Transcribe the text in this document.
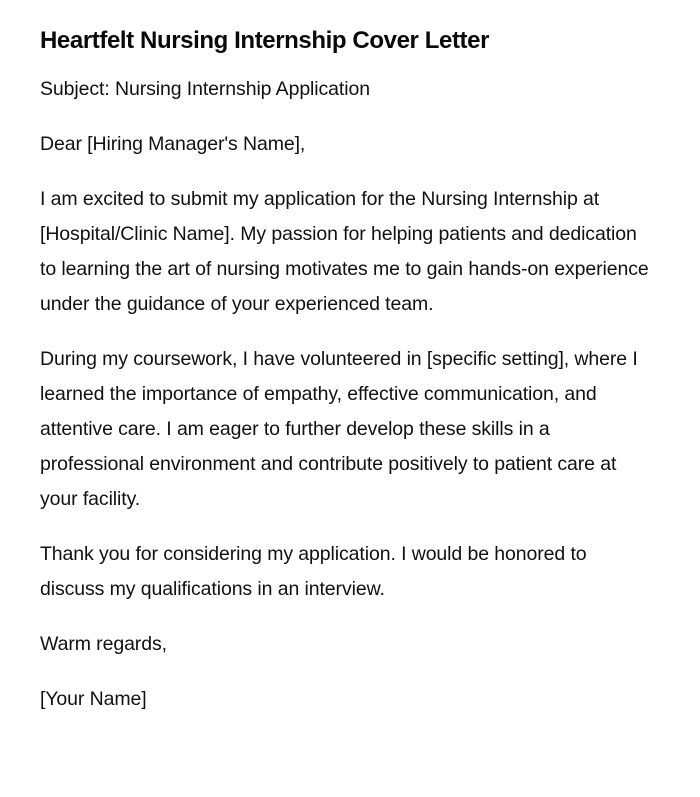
Heartfelt Nursing Internship Cover Letter

Subject: Nursing Internship Application

Dear [Hiring Manager's Name],

I am excited to submit my application for the Nursing Internship at [Hospital/Clinic Name]. My passion for helping patients and dedication to learning the art of nursing motivates me to gain hands-on experience under the guidance of your experienced team.

During my coursework, I have volunteered in [specific setting], where I learned the importance of empathy, effective communication, and attentive care. I am eager to further develop these skills in a professional environment and contribute positively to patient care at your facility.

Thank you for considering my application. I would be honored to discuss my qualifications in an interview.

Warm regards,

[Your Name]
